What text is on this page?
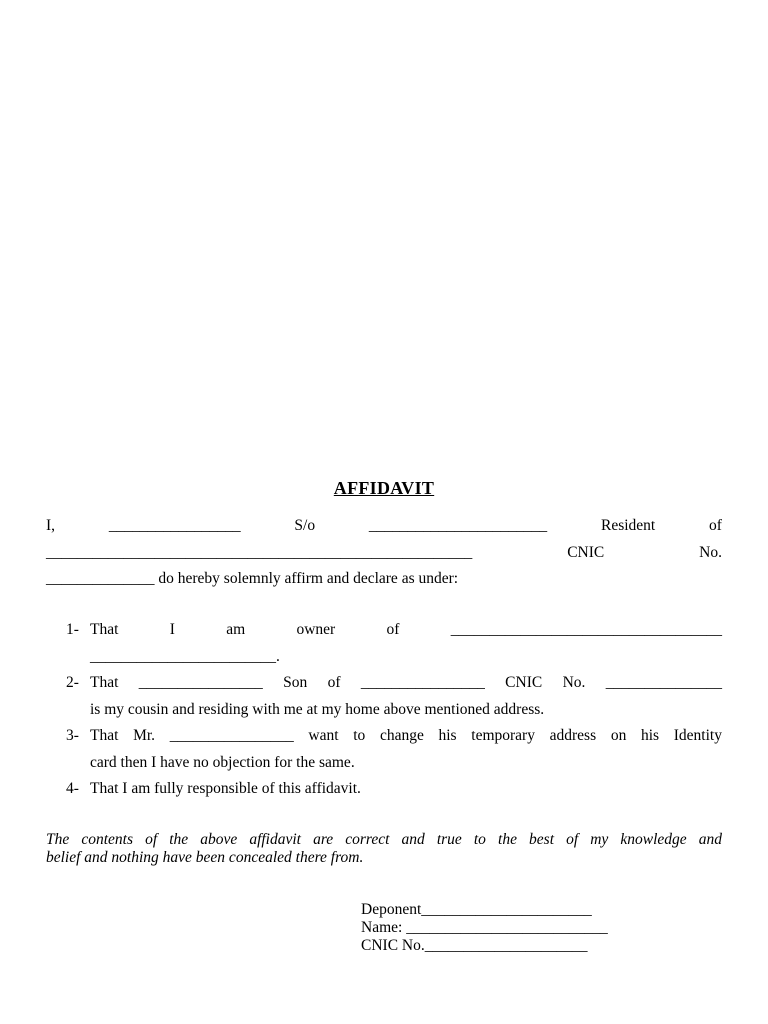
AFFIDAVIT
I,	_________________	S/o	_______________________	Resident	of
_______________________________________________________	CNIC	No.
______________ do hereby solemnly affirm and declare as under:
1- That	I	am	owner	of	___________________________________
________________________.
2- That ________________ Son of ________________ CNIC No. _______________
is my cousin and residing with me at my home above mentioned address.
3- That Mr. ________________ want to change his temporary address on his Identity
card then I have no objection for the same.
4- That I am fully responsible of this affidavit.
The contents of the above affidavit are correct and true to the best of my knowledge and
belief and nothing have been concealed there from.
Deponent______________________
Name: __________________________
CNIC No._____________________
